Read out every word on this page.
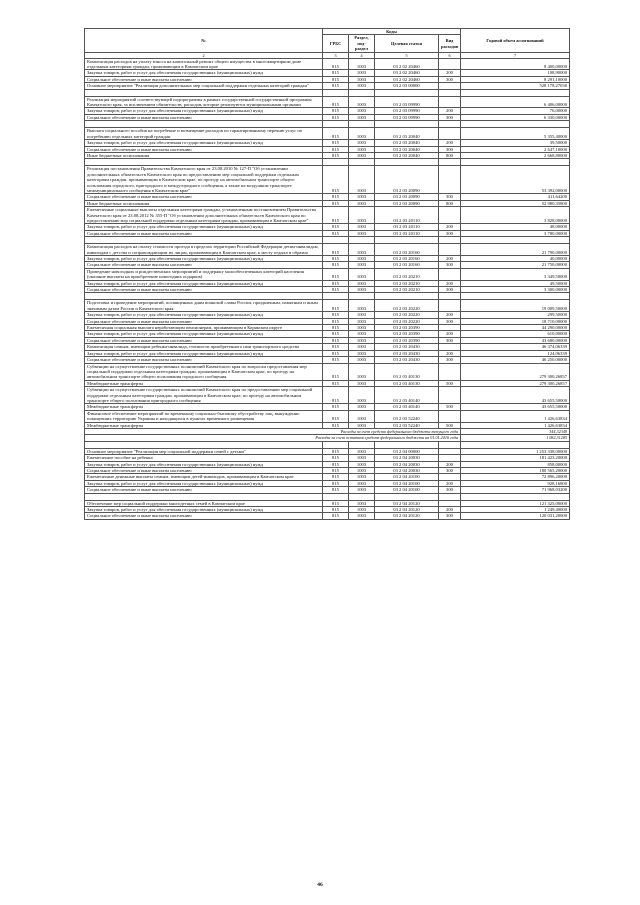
№	Коды				Годовой объем ассигнований
	ГРБС	Раздел, под-раздел	Целевая статья	Вид расходов	
2	3	4	5	6	7
Компенсация расходов на уплату взноса на капитальный ремонт общего имущества в многоквартирном доме отдельным категориям граждан, проживающим в Камчатском крае	815	1003	03 2 02 20460		8 400,00000
Закупка товаров, работ и услуг для обеспечения государственных (муниципальных) нужд	815	1003	03 2 02 20460	200	108,90000
Социальное обеспечение и иные выплаты населению	815	1003	03 2 02 20460	300	8 291,10000
Основное мероприятие "Реализация дополнительных мер социальной поддержки отдельных категорий граждан"	815	1003	03 2 03 00000		528 178,27030

Реализация мероприятий соответствующей подпрограммы в рамках государственной государственной программы Камчатского края, за исключением обязательств, расходов, которые реализуются муниципальными органами	815	1003	03 2 03 09990		6 406,00000
Закупка товаров, работ и услуг для обеспечения государственных (муниципальных) нужд	815	1003	03 2 03 09990	200	76,00000
Социальное обеспечение и иные выплаты населению	815	1003	03 2 03 09990	300	6 330,00000

Выплата социального пособия на погребение и возмещение расходов по гарантированному перечню услуг по погребению отдельных категорий граждан	815	1003	03 2 03 20040		5 355,40000
Закупка товаров, работ и услуг для обеспечения государственных (муниципальных) нужд	815	1003	03 2 03 20040	200	39,50000
Социальное обеспечение и иные выплаты населению	815	1003	03 2 03 20040	300	2 647,10000
Иные бюджетные ассигнования	815	1003	03 2 03 20040	800	2 668,80000

Реализация постановления Правительства Камчатского края от 23.08.2010 № 127-П "Об установлении дополнительных обязательств Камчатского края по предоставлению мер социальной поддержки отдельным категориям граждан, проживающим в Камчатском крае, по проезду на автомобильном транспорте общего пользования городского, пригородного и междугородного сообщения, а также на воздушном транспорте межмуниципального сообщения в Камчатском крае"	815	1003	03 2 03 20090		53 392,00000
Социальное обеспечение и иные выплаты населению	815	1003	03 2 03 20090	300	411,64200
Иные бюджетные ассигнования	815	1003	03 2 03 20090	800	52 980,35800
Ежемесячные социальные выплаты отдельным категориям граждан, установленным постановлением Правительства Камчатского края от 23.08.2012 № 355-П "Об установлении дополнительных обязательств Камчатского края по предоставлению мер социальной поддержки отдельным категориям граждан, проживающим в Камчатском крае"	815	1003	03 2 03 20110		3 828,00000
Закупка товаров, работ и услуг для обеспечения государственных (муниципальных) нужд	815	1003	03 2 03 20110	200	48,00000
Социальное обеспечение и иные выплаты населению	815	1003	03 2 03 20110	300	3 780,00000

Компенсация расходов на оплату стоимости проезда в пределах территории Российской Федерации детям-инвалидам, инвалидам с детства и сопровождающим их лицам, проживающим в Камчатском крае, к месту отдыха и обратно	815	1003	03 2 03 20160		21 790,00000
Закупка товаров, работ и услуг для обеспечения государственных (муниципальных) нужд	815	1003	03 2 03 20160	200	40,00000
Социальное обеспечение и иные выплаты населению	815	1003	03 2 03 20160	300	21 750,00000
Проведение новогодних и рождественских мероприятий и поддержку малообеспеченных категорий населения (оказание выплаты на приобретение новогодних подарков)	815	1003	03 2 03 20210		3 349,50000
Закупка товаров, работ и услуг для обеспечения государственных (муниципальных) нужд	815	1003	03 2 03 20210	200	49,50000
Социальное обеспечение и иные выплаты населению	815	1003	03 2 03 20210	300	3 300,00000

Подготовка и проведение мероприятий, посвященных дням воинской славы России, праздничным, памятным и иным значимым датам России и Камчатского края	815	1003	03 2 03 20220		19 009,50000
Закупка товаров, работ и услуг для обеспечения государственных (муниципальных) нужд	815	1003	03 2 03 20220	200	299,50000
Социальное обеспечение и иные выплаты населению	815	1003	03 2 03 20220	300	18 710,00000
Ежемесячная социальная выплата неработающим пенсионерам, проживающим в Корякском округе	815	1003	03 2 03 20390		44 290,00000
Закупка товаров, работ и услуг для обеспечения государственных (муниципальных) нужд	815	1003	03 2 03 20390	200	610,00000
Социальное обеспечение и иные выплаты населению	815	1003	03 2 03 20390	300	43 680,00000
Компенсация семьям, имеющим ребенка-инвалида, стоимости приобретенного ими транспортного средства	815	1003	03 2 03 20430		46 374,06339
Закупка товаров, работ и услуг для обеспечения государственных (муниципальных) нужд	815	1003	03 2 03 20430	200	124,06339
Социальное обеспечение и иные выплаты населению	815	1003	03 2 03 20430	300	46 250,00000
Субвенции на осуществление государственных полномочий Камчатского края по вопросам предоставления мер социальной поддержки отдельным категориям граждан, проживающим в Камчатском крае, по проезду на автомобильном транспорте общего пользования городского сообщения	815	1003	03 2 03 40130		279 300,26857
Межбюджетные трансферты	815	1003	03 2 03 40130	500	279 300,26857
Субвенции на осуществление государственных полномочий Камчатского края по предоставлению мер социальной поддержки отдельным категориям граждан, проживающим в Камчатском крае, по проезду на автомобильном транспорте общего пользования пригородного сообщения	815	1003	03 2 03 40140		43 655,50000
Межбюджетные трансферты	815	1003	03 2 03 40140	500	43 655,50000
Финансовое обеспечение мероприятий по временному социально-бытовому обустройству лиц, вынужденно покинувших территорию Украины и находящихся в пунктах временного размещения	815	1003	03 2 03 52240		1 426,63834
Межбюджетные трансферты	815	1003	03 2 03 52240	500	1 426,63834
Расходы за счет средств федерального бюджета текущего года					344,32349
Расходы за счет остатков средств федерального бюджета на 01.01.2016 года					1 082,31285

Основное мероприятие "Реализация мер социальной поддержки семей с детьми"	815	1003	03 2 04 00000		1 253 338,00000
Ежемесячное пособие на ребенка	815	1003	03 2 04 20030		181 423,20000
Закупка товаров, работ и услуг для обеспечения государственных (муниципальных) нужд	815	1003	03 2 04 20030	200	858,00000
Социальное обеспечение и иные выплаты населению	815	1003	03 2 04 20030	300	180 565,20000
Ежемесячные денежные выплаты семьям, имеющим детей-инвалидов, проживающим в Камчатском крае	815	1003	03 2 04 20100		72 896,20000
Закупка товаров, работ и услуг для обеспечения государственных (муниципальных) нужд	815	1003	03 2 04 20100	200	928,16800
Социальное обеспечение и иные выплаты населению	815	1003	03 2 04 20100	300	71 968,03200

Обеспечение мер социальной поддержки многодетных семей в Камчатском крае	815	1003	03 2 04 20120		121 325,00000
Закупка товаров, работ и услуг для обеспечения государственных (муниципальных) нужд	815	1003	03 2 04 20120	200	1 249,40000
Социальное обеспечение и иные выплаты населению	815	1003	03 2 04 20120	300	120 031,20000
46
